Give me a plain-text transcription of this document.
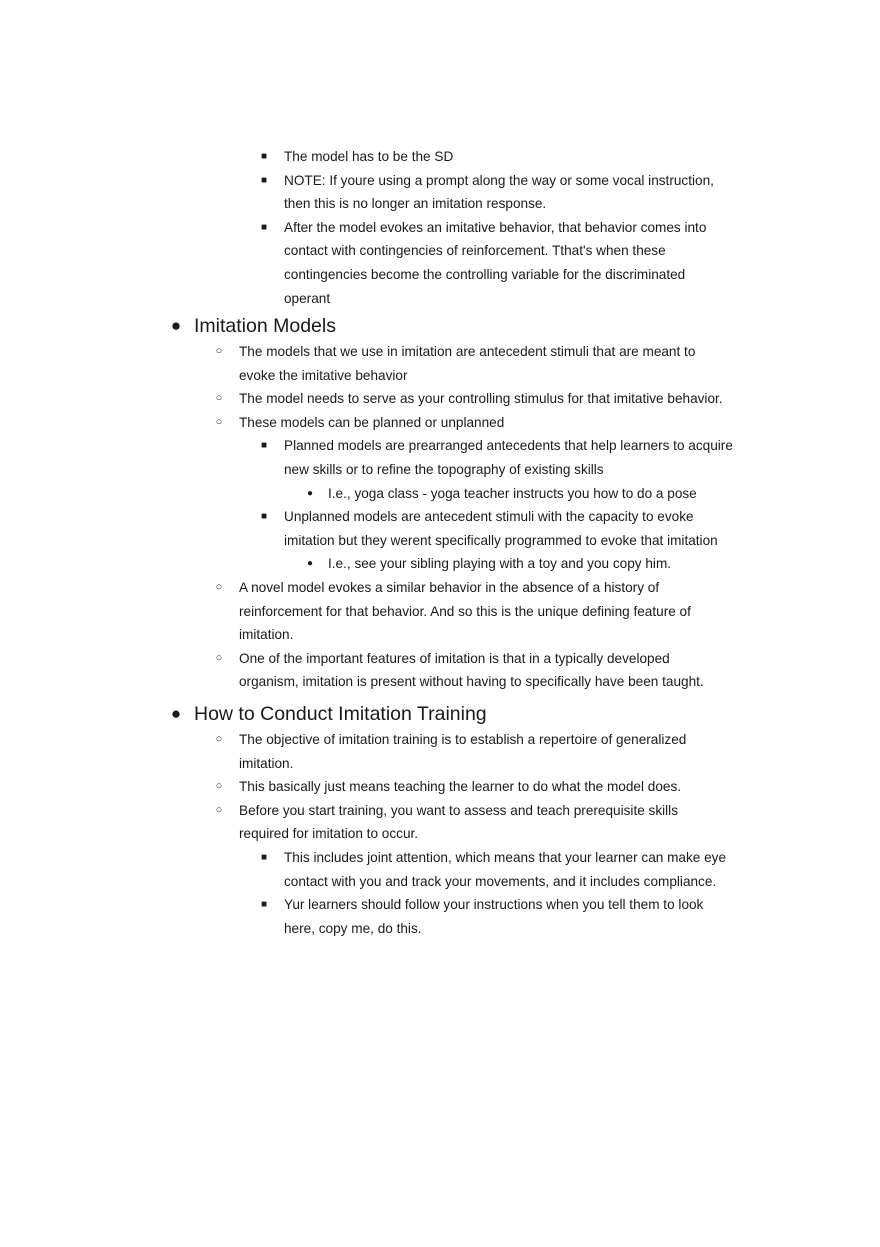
■	The model has to be the SD
■	NOTE: If youre using a prompt along the way or some vocal instruction, then this is no longer an imitation response.
■	After the model evokes an imitative behavior, that behavior comes into contact with contingencies of reinforcement. Tthat's when these contingencies become the controlling variable for the discriminated operant
● Imitation Models
○	The models that we use in imitation are antecedent stimuli that are meant to evoke the imitative behavior
○	The model needs to serve as your controlling stimulus for that imitative behavior.
○	These models can be planned or unplanned
■	Planned models are prearranged antecedents that help learners to acquire new skills or to refine the topography of existing skills
●	I.e., yoga class - yoga teacher instructs you how to do a pose
■	Unplanned models are antecedent stimuli with the capacity to evoke imitation but they werent specifically programmed to evoke that imitation
●	I.e., see your sibling playing with a toy and you copy him.
○	A novel model evokes a similar behavior in the absence of a history of reinforcement for that behavior. And so this is the unique defining feature of imitation.
○	One of the important features of imitation is that in a typically developed organism, imitation is present without having to specifically have been taught.
● How to Conduct Imitation Training
○	The objective of imitation training is to establish a repertoire of generalized imitation.
○	This basically just means teaching the learner to do what the model does.
○	Before you start training, you want to assess and teach prerequisite skills required for imitation to occur.
■	This includes joint attention, which means that your learner can make eye contact with you and track your movements, and it includes compliance.
■	Yur learners should follow your instructions when you tell them to look here, copy me, do this.
